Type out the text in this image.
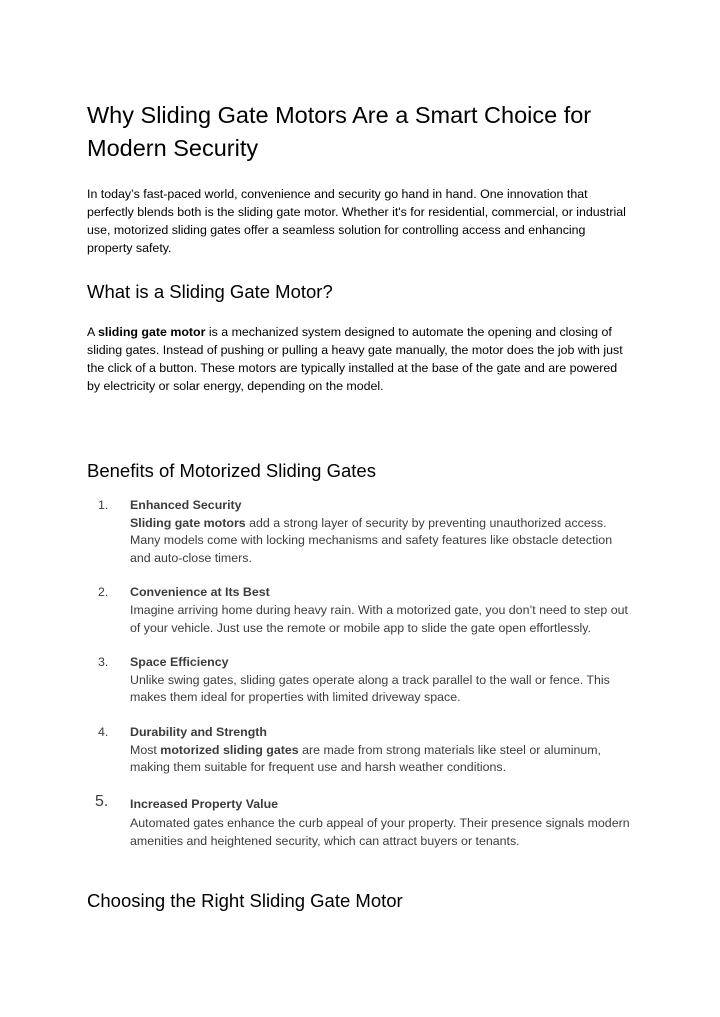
Why Sliding Gate Motors Are a Smart Choice for Modern Security

In today’s fast-paced world, convenience and security go hand in hand. One innovation that perfectly blends both is the sliding gate motor. Whether it's for residential, commercial, or industrial use, motorized sliding gates offer a seamless solution for controlling access and enhancing property safety.

What is a Sliding Gate Motor?

A sliding gate motor is a mechanized system designed to automate the opening and closing of sliding gates. Instead of pushing or pulling a heavy gate manually, the motor does the job with just the click of a button. These motors are typically installed at the base of the gate and are powered by electricity or solar energy, depending on the model.

Benefits of Motorized Sliding Gates
1. Enhanced Security
Sliding gate motors add a strong layer of security by preventing unauthorized access. Many models come with locking mechanisms and safety features like obstacle detection and auto-close timers.
2. Convenience at Its Best
Imagine arriving home during heavy rain. With a motorized gate, you don’t need to step out of your vehicle. Just use the remote or mobile app to slide the gate open effortlessly.
3. Space Efficiency
Unlike swing gates, sliding gates operate along a track parallel to the wall or fence. This makes them ideal for properties with limited driveway space.
4. Durability and Strength
Most motorized sliding gates are made from strong materials like steel or aluminum, making them suitable for frequent use and harsh weather conditions.
5. Increased Property Value
Automated gates enhance the curb appeal of your property. Their presence signals modern amenities and heightened security, which can attract buyers or tenants.
Choosing the Right Sliding Gate Motor
